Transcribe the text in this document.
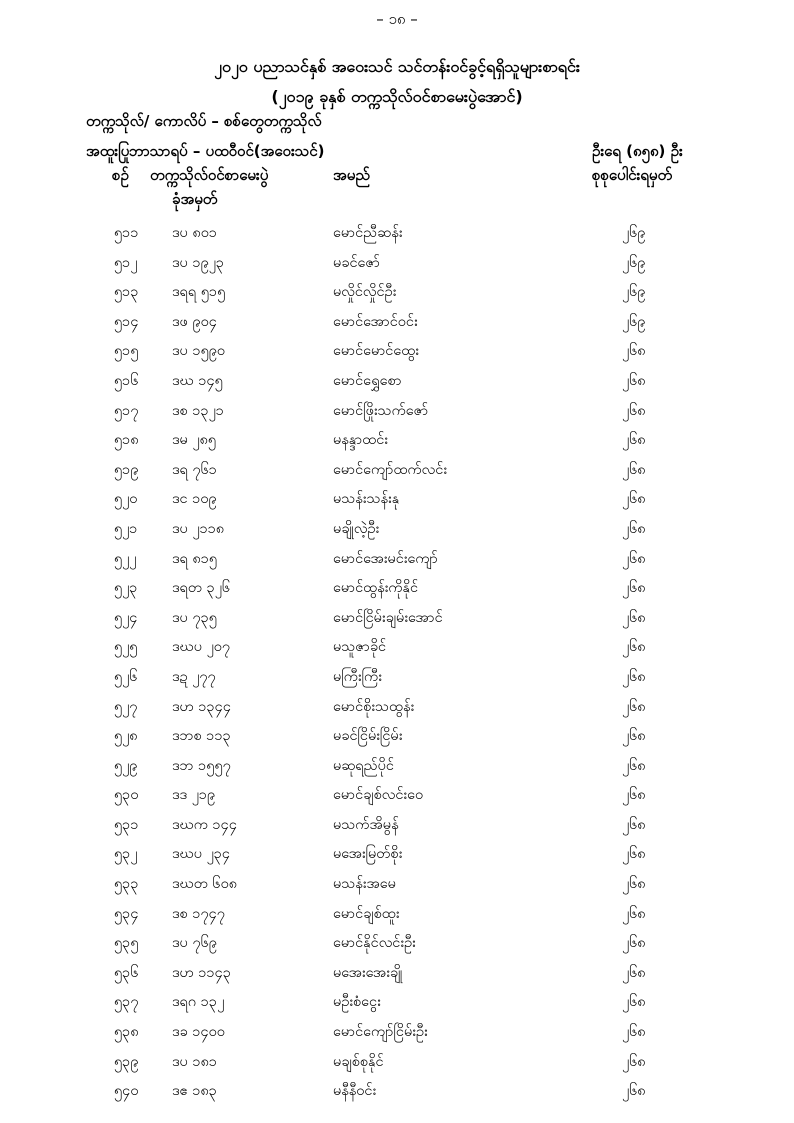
– ၁၈ –
၂၀၂၀ ပညာသင်နှစ် အဝေးသင် သင်တန်းဝင်ခွင့်ရရှိသူများစာရင်း
(၂၀၁၉ ခုနှစ် တက္ကသိုလ်ဝင်စာမေးပွဲအောင်)
တက္ကသိုလ်/ ကောလိပ် – စစ်တွေတက္ကသိုလ်
အထူးပြုဘာသာရပ် – ပထဝီဝင်(အဝေးသင်)	ဦးရေ (၈၅၈) ဦး
စဉ် တက္ကသိုလ်ဝင်စာမေးပွဲ
ခုံအမှတ်
အမည်	စုစုပေါင်းရမှတ်
၅၁၁ ဒပ ၈၀၁	မောင်ညီဆန်း	၂၆၉
၅၁၂ ဒပ ၁၉၂၃	မခင်ဇော်	၂၆၉
၅၁၃ ဒရရ ၅၁၅	မလှိုင်လှိုင်ဦး	၂၆၉
၅၁၄ ဒဖ ၉၀၄	မောင်အောင်ဝင်း	၂၆၉
၅၁၅ ဒပ ၁၅၉၀	မောင်မောင်ထွေး	၂၆၈
၅၁၆ ဒဃ ၁၄၅	မောင်ရွှေစော	၂၆၈
၅၁၇ ဒစ ၁၃၂၁	မောင်ဖြိုးသက်ဇော်	၂၆၈
၅၁၈ ဒမ ၂၈၅	မနန္ဒာထင်း	၂၆၈
၅၁၉ ဒရ ၇၆၁	မောင်ကျော်ထက်လင်း	၂၆၈
၅၂၀ ဒင ၁၀၉	မသန်းသန်းနု	၂၆၈
၅၂၁ ဒပ ၂၁၁၈	မချိုလဲ့ဦး	၂၆၈
၅၂၂ ဒရ ၈၁၅	မောင်အေးမင်းကျော်	၂၆၈
၅၂၃ ဒရတ ၃၂၆	မောင်ထွန်းကိုနိုင်	၂၆၈
၅၂၄ ဒပ ၇၃၅	မောင်ငြိမ်းချမ်းအောင်	၂၆၈
၅၂၅ ဒဃပ ၂၀၇	မသူဇာခိုင်	၂၆၈
၅၂၆ ဒဍ ၂၇၇	မကြီးကြီး	၂၆၈
၅၂၇ ဒဟ ၁၃၄၄	မောင်စိုးသထွန်း	၂၆၈
၅၂၈ ဒဘစ ၁၁၃	မခင်ငြိမ်းငြိမ်း	၂၆၈
၅၂၉ ဒဘ ၁၅၅၇	မဆုရည်ပိုင်	၂၆၈
၅၃၀ ဒဒ ၂၁၉	မောင်ချစ်လင်းဝေ	၂၆၈
၅၃၁ ဒဃက ၁၄၄	မသက်အိမွန်	၂၆၈
၅၃၂ ဒဃပ ၂၃၄	မအေးမြတ်စိုး	၂၆၈
၅၃၃ ဒဃတ ၆၀၈	မသန်းအမေ	၂၆၈
၅၃၄ ဒစ ၁၇၄၇	မောင်ချစ်ထူး	၂၆၈
၅၃၅ ဒပ ၇၆၉	မောင်နိုင်လင်းဦး	၂၆၈
၅၃၆ ဒဟ ၁၁၄၃	မအေးအေးချို	၂၆၈
၅၃၇ ဒရဂ ၁၃၂	မဦးစံငွေး	၂၆၈
၅၃၈ ဒခ ၁၄၀၀	မောင်ကျော်ငြိမ်းဦး	၂၆၈
၅၃၉ ဒပ ၁၈၁	မချစ်စုနိုင်	၂၆၈
၅၄၀ ဒဧ ၁၈၃	မနီနီဝင်း	၂၆၈
